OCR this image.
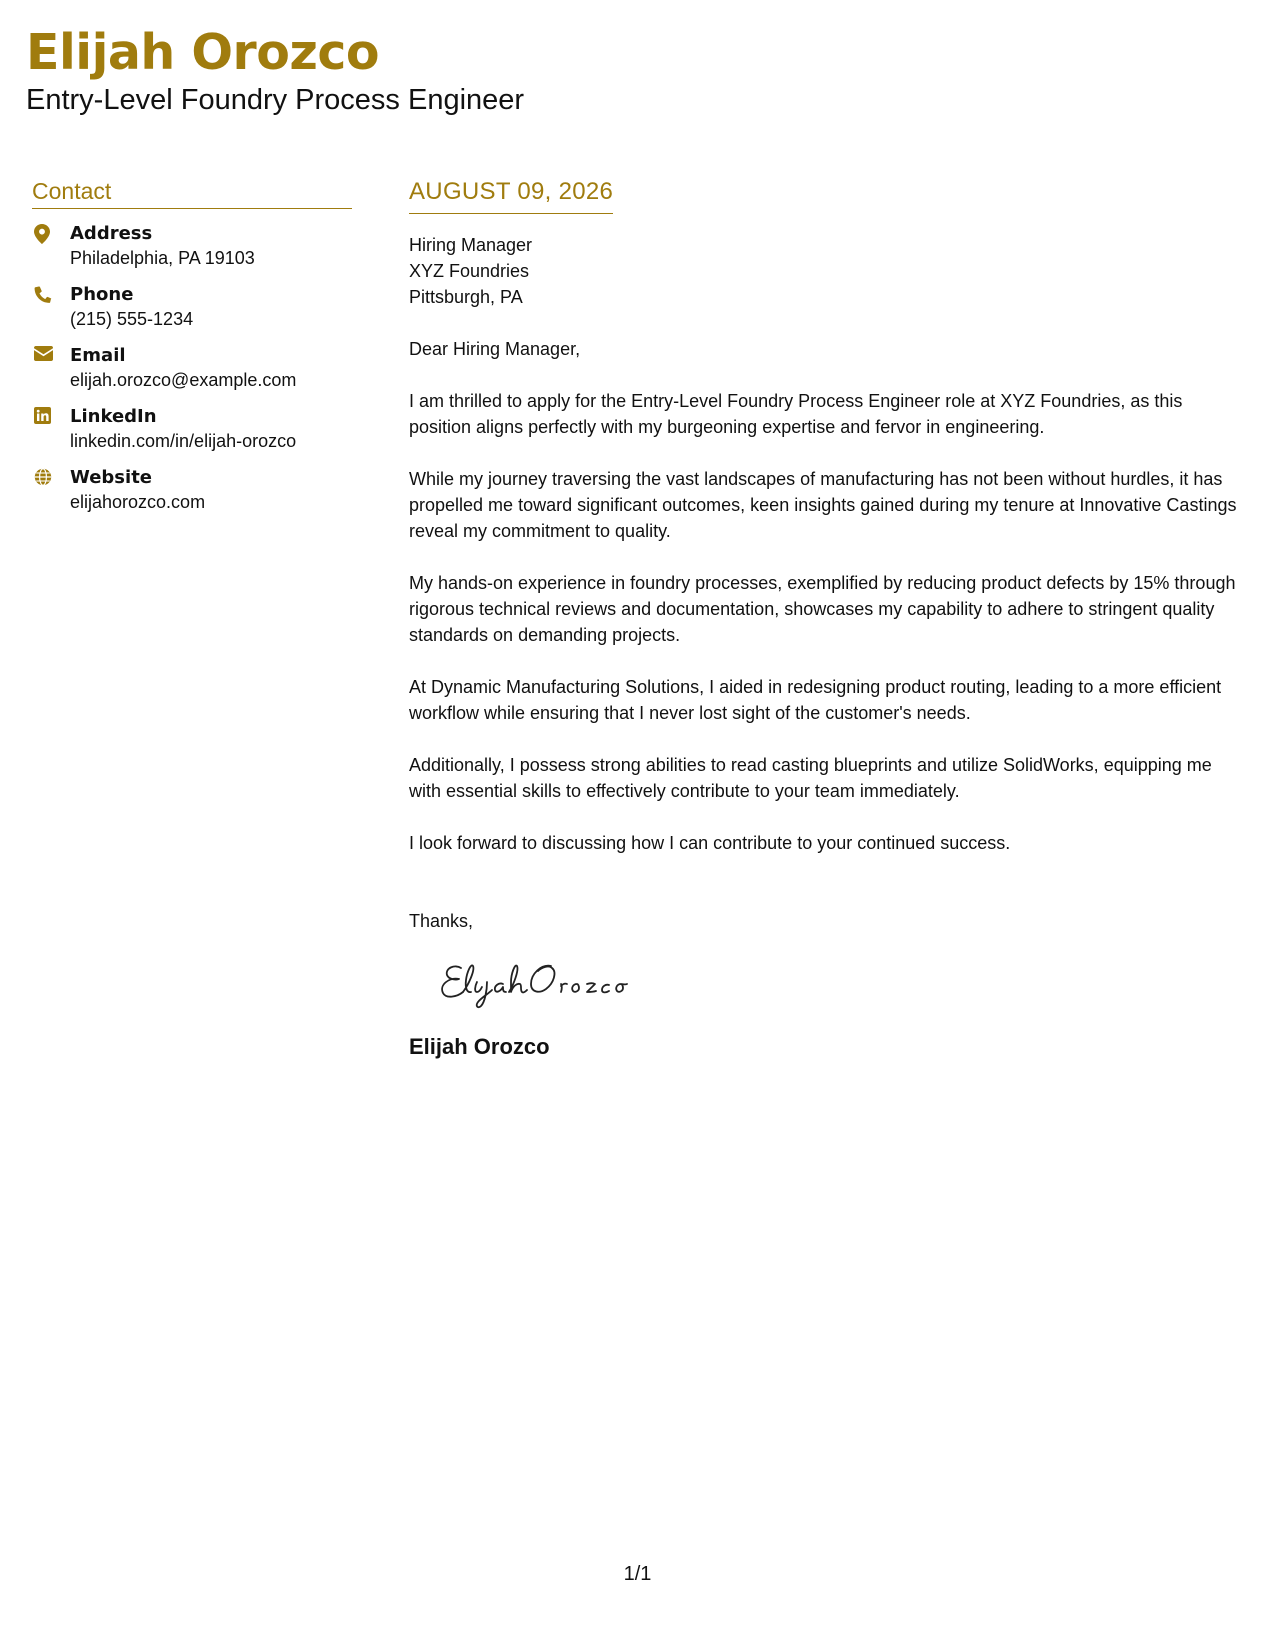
Elijah Orozco
Entry-Level Foundry Process Engineer
Contact
Address
Philadelphia, PA 19103
Phone
(215) 555-1234
Email
elijah.orozco@example.com
LinkedIn
linkedin.com/in/elijah-orozco
Website
elijahorozco.com
AUGUST 09, 2026
Hiring Manager
XYZ Foundries
Pittsburgh, PA
Dear Hiring Manager,
I am thrilled to apply for the Entry-Level Foundry Process Engineer role at XYZ Foundries, as this position aligns perfectly with my burgeoning expertise and fervor in engineering.
While my journey traversing the vast landscapes of manufacturing has not been without hurdles, it has propelled me toward significant outcomes, keen insights gained during my tenure at Innovative Castings reveal my commitment to quality.
My hands-on experience in foundry processes, exemplified by reducing product defects by 15% through rigorous technical reviews and documentation, showcases my capability to adhere to stringent quality standards on demanding projects.
At Dynamic Manufacturing Solutions, I aided in redesigning product routing, leading to a more efficient workflow while ensuring that I never lost sight of the customer's needs.
Additionally, I possess strong abilities to read casting blueprints and utilize SolidWorks, equipping me with essential skills to effectively contribute to your team immediately.
I look forward to discussing how I can contribute to your continued success.
Thanks,
Elijah Orozco
1/1
